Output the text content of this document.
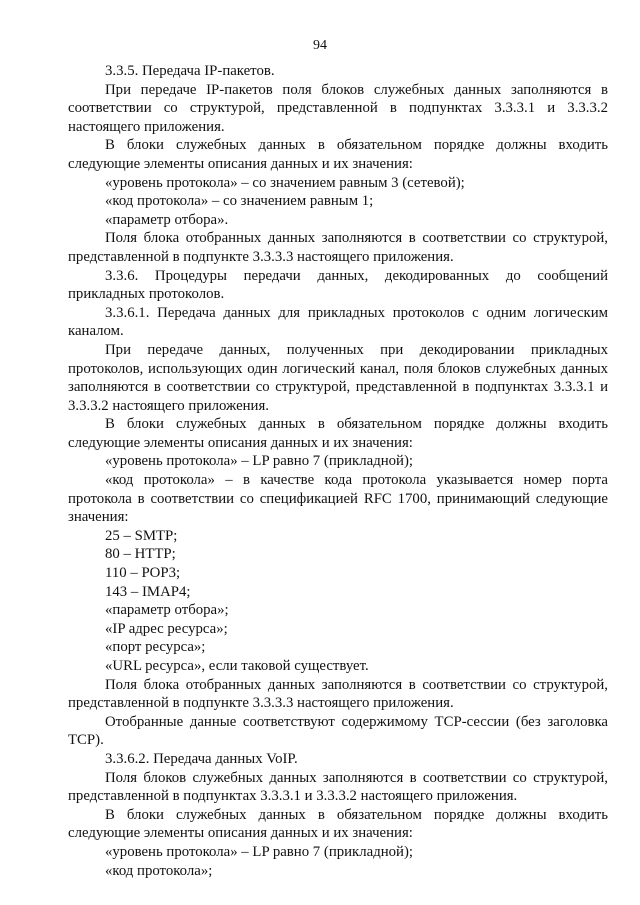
94

3.3.5. Передача IP-пакетов.

При передаче IP-пакетов поля блоков служебных данных заполняются в соответствии со структурой, представленной в подпунктах 3.3.3.1 и 3.3.3.2 настоящего приложения.

В блоки служебных данных в обязательном порядке должны входить следующие элементы описания данных и их значения:

«уровень протокола» – со значением равным 3 (сетевой);

«код протокола» – со значением равным 1;

«параметр отбора».

Поля блока отобранных данных заполняются в соответствии со структурой, представленной в подпункте 3.3.3.3 настоящего приложения.

3.3.6. Процедуры передачи данных, декодированных до сообщений прикладных протоколов.

3.3.6.1. Передача данных для прикладных протоколов с одним логическим каналом.

При передаче данных, полученных при декодировании прикладных протоколов, использующих один логический канал, поля блоков служебных данных заполняются в соответствии со структурой, представленной в подпунктах 3.3.3.1 и 3.3.3.2 настоящего приложения.

В блоки служебных данных в обязательном порядке должны входить следующие элементы описания данных и их значения:

«уровень протокола» – LP равно 7 (прикладной);

«код протокола» – в качестве кода протокола указывается номер порта протокола в соответствии со спецификацией RFC 1700, принимающий следующие значения:

25 – SMTP;

80 – HTTP;

110 – POP3;

143 – IMAP4;

«параметр отбора»;

«IP адрес ресурса»;

«порт ресурса»;

«URL ресурса», если таковой существует.

Поля блока отобранных данных заполняются в соответствии со структурой, представленной в подпункте 3.3.3.3 настоящего приложения.

Отобранные данные соответствуют содержимому TCP-сессии (без заголовка TCP).

3.3.6.2. Передача данных VoIP.

Поля блоков служебных данных заполняются в соответствии со структурой, представленной в подпунктах 3.3.3.1 и 3.3.3.2 настоящего приложения.

В блоки служебных данных в обязательном порядке должны входить следующие элементы описания данных и их значения:

«уровень протокола» – LP равно 7 (прикладной);

«код протокола»;
